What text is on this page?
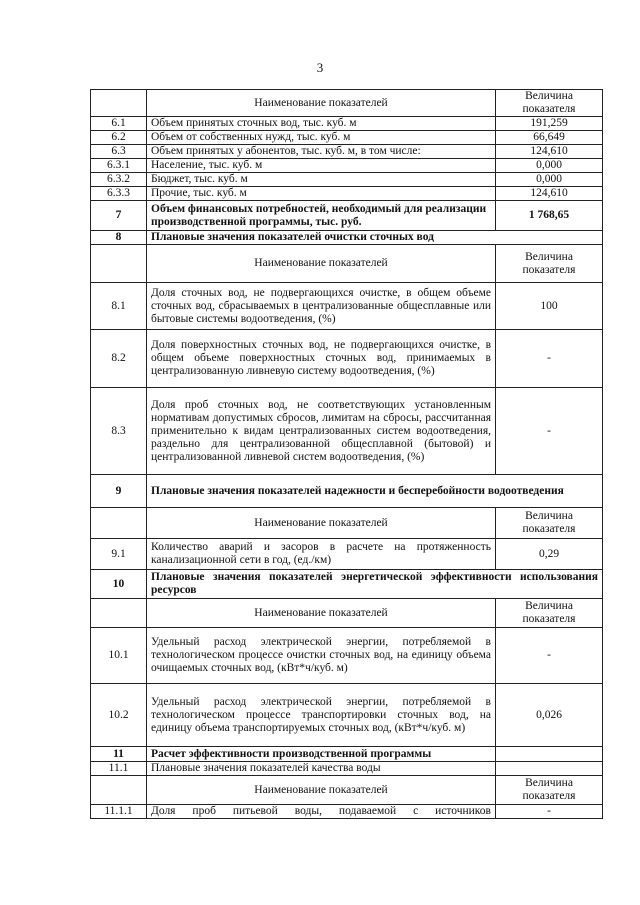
3
	Наименование показателей	Величина показателя
6.1	Объем принятых сточных вод, тыс. куб. м	191,259
6.2	Объем от собственных нужд, тыс. куб. м	66,649
6.3	Объем принятых у абонентов, тыс. куб. м, в том числе:	124,610
6.3.1	Население, тыс. куб. м	0,000
6.3.2	Бюджет, тыс. куб. м	0,000
6.3.3	Прочие, тыс. куб. м	124,610
7	Объем финансовых потребностей, необходимый для реализации производственной программы, тыс. руб.	1 768,65
8	Плановые значения показателей очистки сточных вод	
	Наименование показателей	Величина показателя
8.1	Доля сточных вод, не подвергающихся очистке, в общем объеме сточных вод, сбрасываемых в централизованные общесплавные или бытовые системы водоотведения, (%)	100
8.2	Доля поверхностных сточных вод, не подвергающихся очистке, в общем объеме поверхностных сточных вод, принимаемых в централизованную ливневую систему водоотведения, (%)	-
8.3	Доля проб сточных вод, не соответствующих установленным нормативам допустимых сбросов, лимитам на сбросы, рассчитанная применительно к видам централизованных систем водоотведения, раздельно для централизованной общесплавной (бытовой) и централизованной ливневой систем водоотведения, (%)	-
9	Плановые значения показателей надежности и бесперебойности водоотведения	
	Наименование показателей	Величина показателя
9.1	Количество аварий и засоров в расчете на протяженность канализационной сети в год, (ед./км)	0,29
10	Плановые значения показателей энергетической эффективности использования ресурсов	
	Наименование показателей	Величина показателя
10.1	Удельный расход электрической энергии, потребляемой в технологическом процессе очистки сточных вод, на единицу объема очищаемых сточных вод, (кВт*ч/куб. м)	-
10.2	Удельный расход электрической энергии, потребляемой в технологическом процессе транспортировки сточных вод, на единицу объема транспортируемых сточных вод, (кВт*ч/куб. м)	0,026
11	Расчет эффективности производственной программы	
11.1	Плановые значения показателей качества воды	
	Наименование показателей	Величина показателя
11.1.1	Доля проб питьевой воды, подаваемой с источников	-
